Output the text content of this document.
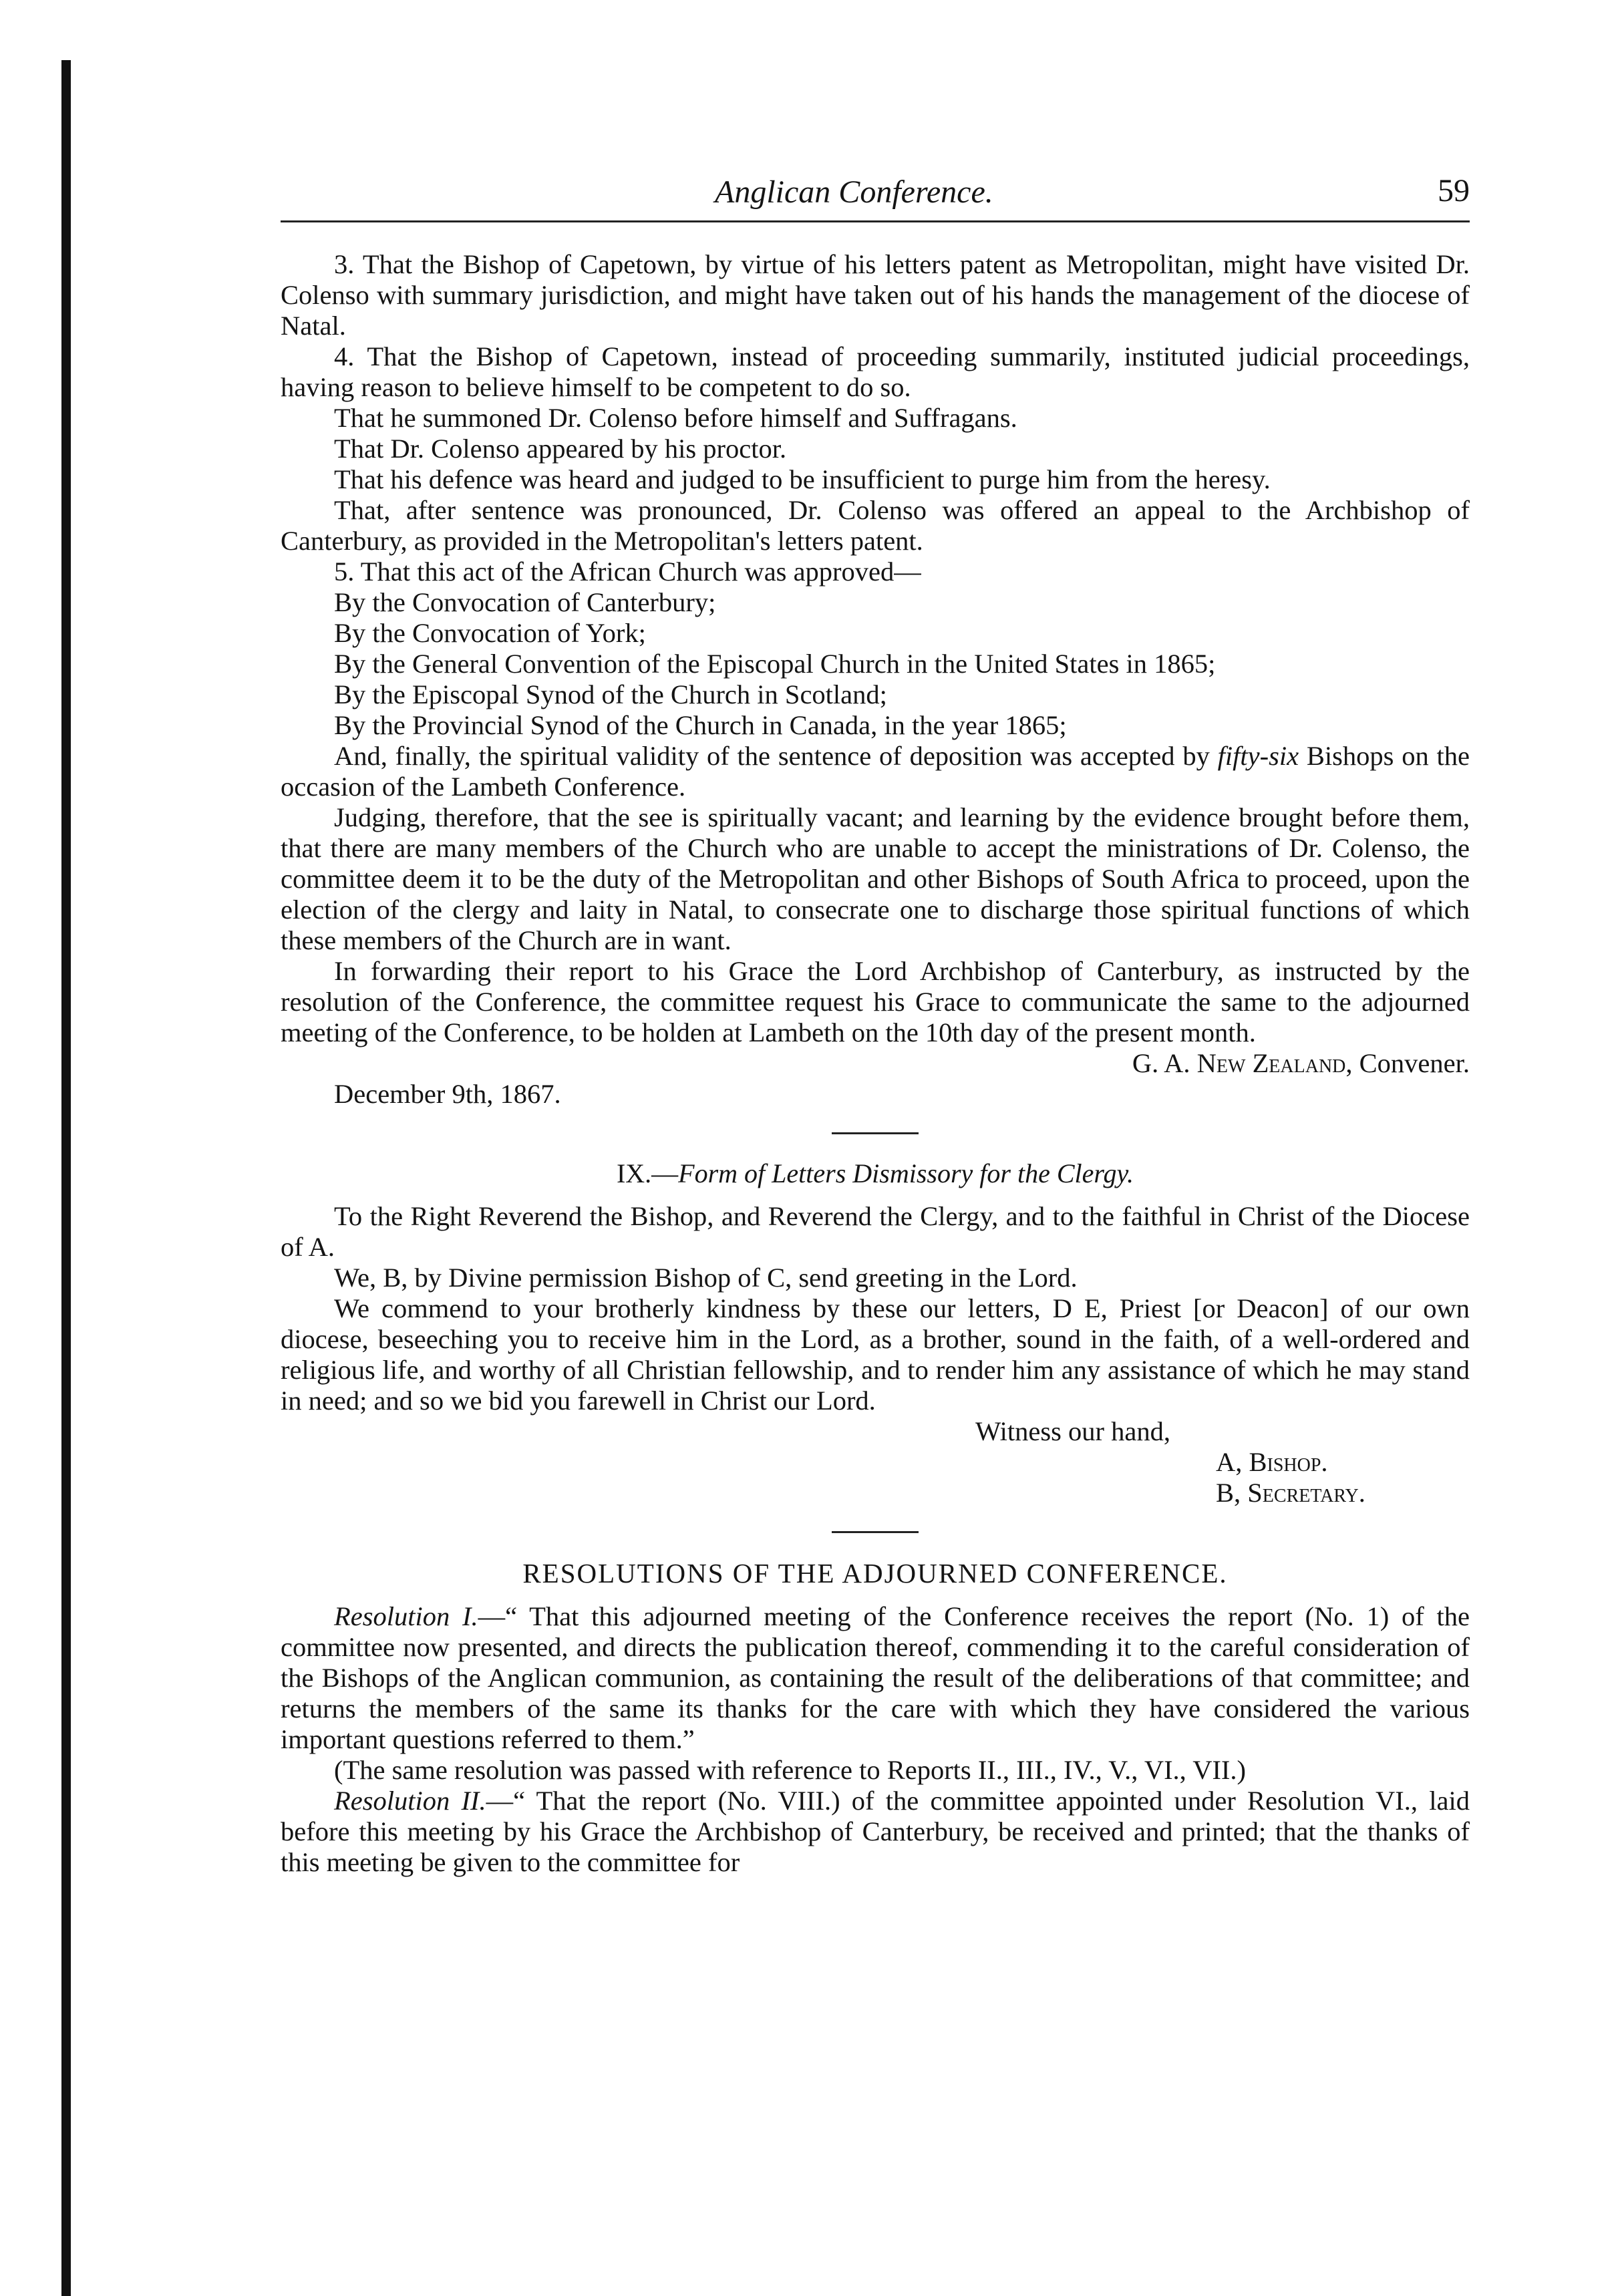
Anglican Conference.	59

3. That the Bishop of Capetown, by virtue of his letters patent as Metropolitan, might have visited Dr. Colenso with summary jurisdiction, and might have taken out of his hands the management of the diocese of Natal.

4. That the Bishop of Capetown, instead of proceeding summarily, instituted judicial proceedings, having reason to believe himself to be competent to do so.

That he summoned Dr. Colenso before himself and Suffragans.

That Dr. Colenso appeared by his proctor.

That his defence was heard and judged to be insufficient to purge him from the heresy.

That, after sentence was pronounced, Dr. Colenso was offered an appeal to the Archbishop of Canterbury, as provided in the Metropolitan's letters patent.

5. That this act of the African Church was approved—

By the Convocation of Canterbury;

By the Convocation of York;

By the General Convention of the Episcopal Church in the United States in 1865;

By the Episcopal Synod of the Church in Scotland;

By the Provincial Synod of the Church in Canada, in the year 1865;

And, finally, the spiritual validity of the sentence of deposition was accepted by fifty-six Bishops on the occasion of the Lambeth Conference.

Judging, therefore, that the see is spiritually vacant; and learning by the evidence brought before them, that there are many members of the Church who are unable to accept the ministrations of Dr. Colenso, the committee deem it to be the duty of the Metropolitan and other Bishops of South Africa to proceed, upon the election of the clergy and laity in Natal, to consecrate one to discharge those spiritual functions of which these members of the Church are in want.

In forwarding their report to his Grace the Lord Archbishop of Canterbury, as instructed by the resolution of the Conference, the committee request his Grace to communicate the same to the adjourned meeting of the Conference, to be holden at Lambeth on the 10th day of the present month.

G. A. New Zealand, Convener.

December 9th, 1867.

IX.—Form of Letters Dismissory for the Clergy.

To the Right Reverend the Bishop, and Reverend the Clergy, and to the faithful in Christ of the Diocese of A.

We, B, by Divine permission Bishop of C, send greeting in the Lord.

We commend to your brotherly kindness by these our letters, D E, Priest [or Deacon] of our own diocese, beseeching you to receive him in the Lord, as a brother, sound in the faith, of a well-ordered and religious life, and worthy of all Christian fellowship, and to render him any assistance of which he may stand in need; and so we bid you farewell in Christ our Lord.

Witness our hand,

A, Bishop.

B, Secretary.

RESOLUTIONS OF THE ADJOURNED CONFERENCE.

Resolution I.—“ That this adjourned meeting of the Conference receives the report (No. 1) of the committee now presented, and directs the publication thereof, commending it to the careful consideration of the Bishops of the Anglican communion, as containing the result of the deliberations of that committee; and returns the members of the same its thanks for the care with which they have considered the various important questions referred to them.”

(The same resolution was passed with reference to Reports II., III., IV., V., VI., VII.)

Resolution II.—“ That the report (No. VIII.) of the committee appointed under Resolution VI., laid before this meeting by his Grace the Archbishop of Canterbury, be received and printed; that the thanks of this meeting be given to the committee for
